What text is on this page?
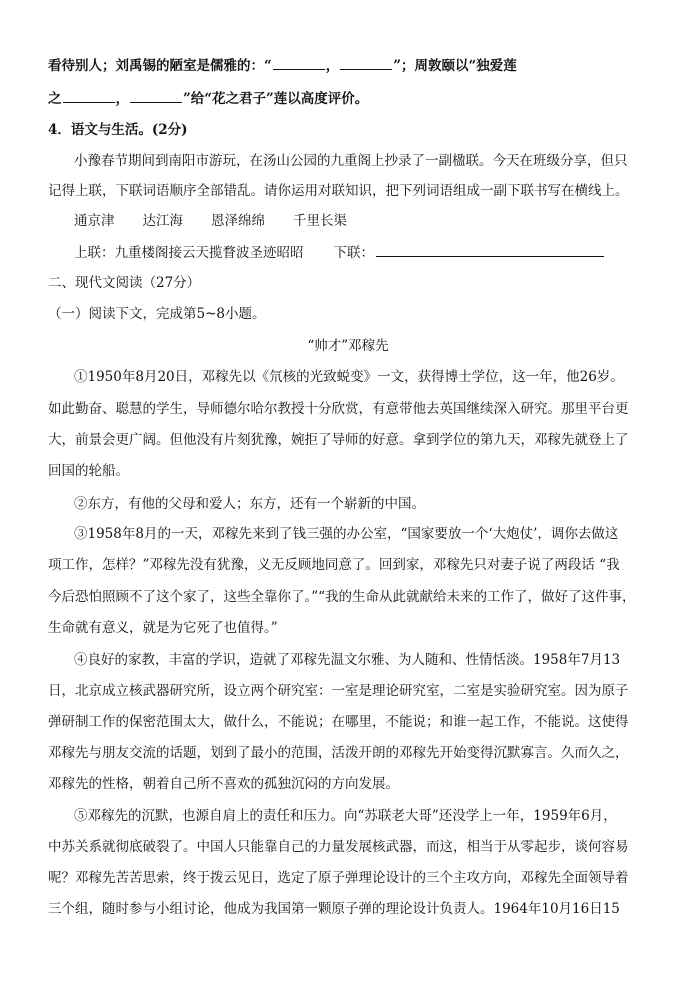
看待别人；刘禹锡的陋室是儒雅的：“	，	”；周敦颐以“独爱莲
之	，	”给“花之君子”莲以高度评价。
4．语文与生活。(2分)
小豫春节期间到南阳市游玩，在汤山公园的九重阁上抄录了一副楹联。今天在班级分享，但只
记得上联，下联词语顺序全部错乱。请你运用对联知识，把下列词语组成一副下联书写在横线上。
通京津 达江海 恩泽绵绵 千里长渠
上联：九重楼阁接云天揽瞀波圣迹昭昭 下联：
二、现代文阅读（27分）
（一）阅读下文，完成第5~8小题。
“帅才”邓稼先
①1950年8月20日，邓稼先以《氘核的光致蜕变》一文，获得博士学位，这一年，他26岁。
如此勤奋、聪慧的学生，导师德尔哈尔教授十分欣赏，有意带他去英国继续深入研究。那里平台更
大，前景会更广阔。但他没有片刻犹豫，婉拒了导师的好意。拿到学位的第九天，邓稼先就登上了
回国的轮船。
②东方，有他的父母和爱人；东方，还有一个崭新的中国。
③1958年8月的一天，邓稼先来到了钱三强的办公室，“国家要放一个‘大炮仗’，调你去做这
项工作，怎样？”邓稼先没有犹豫，义无反顾地同意了。回到家，邓稼先只对妻子说了两段话 “我
今后恐怕照顾不了这个家了，这些全靠你了。”“我的生命从此就献给未来的工作了，做好了这件事，
生命就有意义，就是为它死了也值得。”
④良好的家教，丰富的学识，造就了邓稼先温文尔雅、为人随和、性情恬淡。1958年7月13
日，北京成立核武器研究所，设立两个研究室：一室是理论研究室，二室是实验研究室。因为原子
弹研制工作的保密范围太大，做什么，不能说；在哪里，不能说；和谁一起工作，不能说。这使得
邓稼先与朋友交流的话题，划到了最小的范围，活泼开朗的邓稼先开始变得沉默寡言。久而久之，
邓稼先的性格，朝着自己所不喜欢的孤独沉闷的方向发展。
⑤邓稼先的沉默，也源自肩上的责任和压力。向“苏联老大哥”还没学上一年，1959年6月，
中苏关系就彻底破裂了。中国人只能靠自己的力量发展核武器，而这，相当于从零起步，谈何容易
呢？邓稼先苦苦思索，终于拨云见日，选定了原子弹理论设计的三个主攻方向，邓稼先全面领导着
三个组，随时参与小组讨论，他成为我国第一颗原子弹的理论设计负责人。1964年10月16日15
